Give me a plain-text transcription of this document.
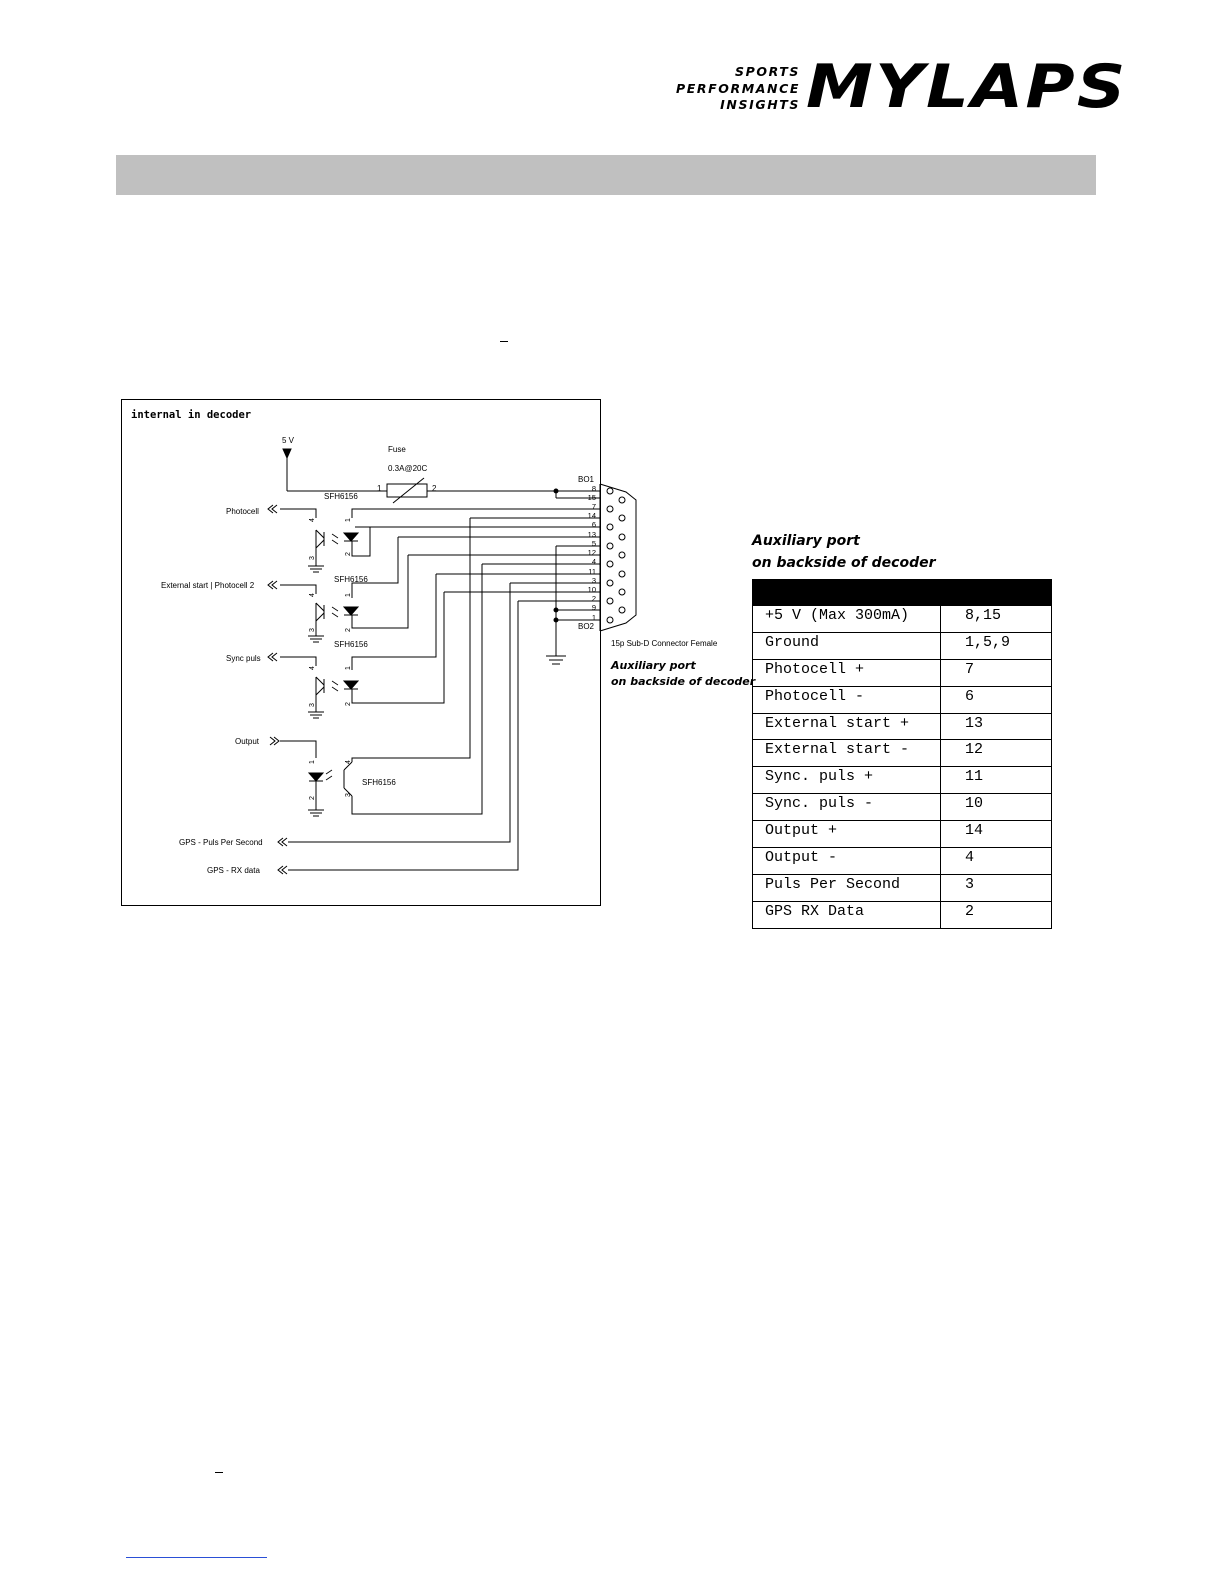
SPORTS
PERFORMANCE
INSIGHTS MYLAPS
5 V
Fuse
0.3A@20C
1	2
BO1
BO2
SFH6156
SFH6156
SFH6156
SFH6156
Photocell
External start | Photocell 2
Sync puls
Output
GPS - Puls Per Second
GPS - RX data
15p Sub-D Connector Female
8
15
7
14
6
13
5
12
4
11
3
10
2
9
1
4
3
1
2
4
3
1
2
4
3
1
2
1
2
4
3
internal in decoder
Auxiliary port
on backside of decoder
Auxiliary port
on backside of decoder

+5 V (Max 300mA)	8,15
Ground	1,5,9
Photocell +	7
Photocell -	6
External start +	13
External start -	12
Sync. puls +	11
Sync. puls -	10
Output +	14
Output -	4
Puls Per Second	3
GPS RX Data	2
